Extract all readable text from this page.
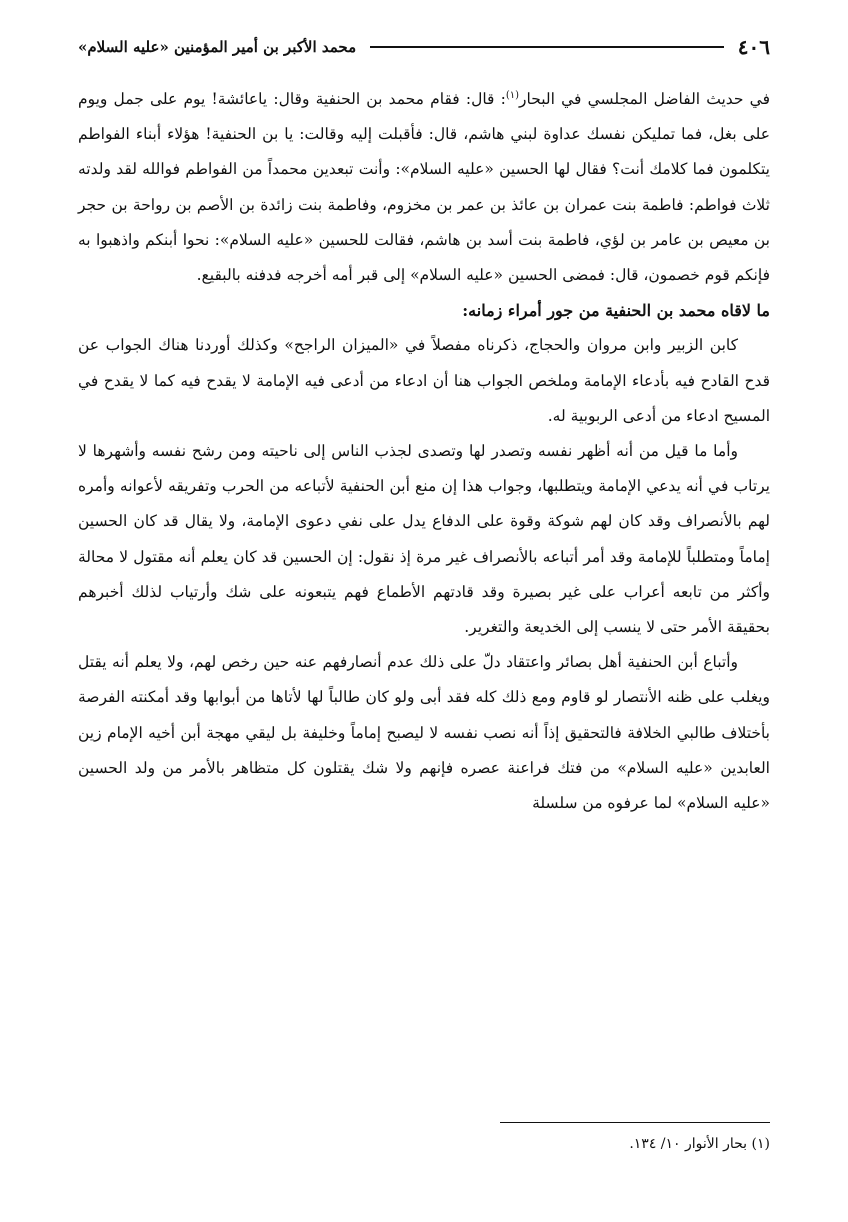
٤٠٦
محمد الأكبر بن أمير المؤمنين «عليه السلام»

في حديث الفاضل المجلسي في البحار$^{(١)}$: قال: فقام محمد بن الحنفية وقال: ياعائشة! يوم على جمل ويوم على بغل، فما تمليكن نفسك عداوة لبني هاشم، قال: فأقبلت إليه وقالت: يا بن الحنفية! هؤلاء أبناء الفواطم يتكلمون فما كلامك أنت؟ فقال لها الحسين «عليه السلام»: وأنت تبعدين محمداً من الفواطم فوالله لقد ولدته ثلاث فواطم: فاطمة بنت عمران بن عائذ بن عمر بن مخزوم، وفاطمة بنت زائدة بن الأصم بن رواحة بن حجر بن معيص بن عامر بن لؤي، فاطمة بنت أسد بن هاشم، فقالت للحسين «عليه السلام»: نحوا أبنكم واذهبوا به فإنكم قوم خصمون، قال: فمضى الحسين «عليه السلام» إلى قبر أمه أخرجه فدفنه بالبقيع.

ما لاقاه محمد بن الحنفية من جور أمراء زمانه:

كابن الزبير وابن مروان والحجاج، ذكرناه مفصلاً في «الميزان الراجح» وكذلك أوردنا هناك الجواب عن قدح القادح فيه بأدعاء الإمامة وملخص الجواب هنا أن ادعاء من أدعى فيه الإمامة لا يقدح فيه كما لا يقدح في المسيح ادعاء من أدعى الربوبية له.

وأما ما قيل من أنه أظهر نفسه وتصدر لها وتصدى لجذب الناس إلى ناحيته ومن رشح نفسه وأشهرها لا يرتاب في أنه يدعي الإمامة ويتطلبها، وجواب هذا إن منع أبن الحنفية لأتباعه من الحرب وتفريقه لأعوانه وأمره لهم بالأنصراف وقد كان لهم شوكة وقوة على الدفاع يدل على نفي دعوى الإمامة، ولا يقال قد كان الحسين إماماً ومتطلباً للإمامة وقد أمر أتباعه بالأنصراف غير مرة إذ نقول: إن الحسين قد كان يعلم أنه مقتول لا محالة وأكثر من تابعه أعراب على غير بصيرة وقد قادتهم الأطماع فهم يتبعونه على شك وأرتياب لذلك أخبرهم بحقيقة الأمر حتى لا ينسب إلى الخديعة والتغرير.

وأتباع أبن الحنفية أهل بصائر واعتقاد دلّ على ذلك عدم أنصارفهم عنه حين رخص لهم، ولا يعلم أنه يقتل ويغلب على ظنه الأنتصار لو قاوم ومع ذلك كله فقد أبى ولو كان طالباً لها لأتاها من أبوابها وقد أمكنته الفرصة بأختلاف طالبي الخلافة فالتحقيق إذاً أنه نصب نفسه لا ليصبح إماماً وخليفة بل ليقي مهجة أبن أخيه الإمام زين العابدين «عليه السلام» من فتك فراعنة عصره فإنهم ولا شك يقتلون كل متظاهر بالأمر من ولد الحسين «عليه السلام» لما عرفوه من سلسلة

(١) بحار الأنوار ١٠/ ١٣٤.
